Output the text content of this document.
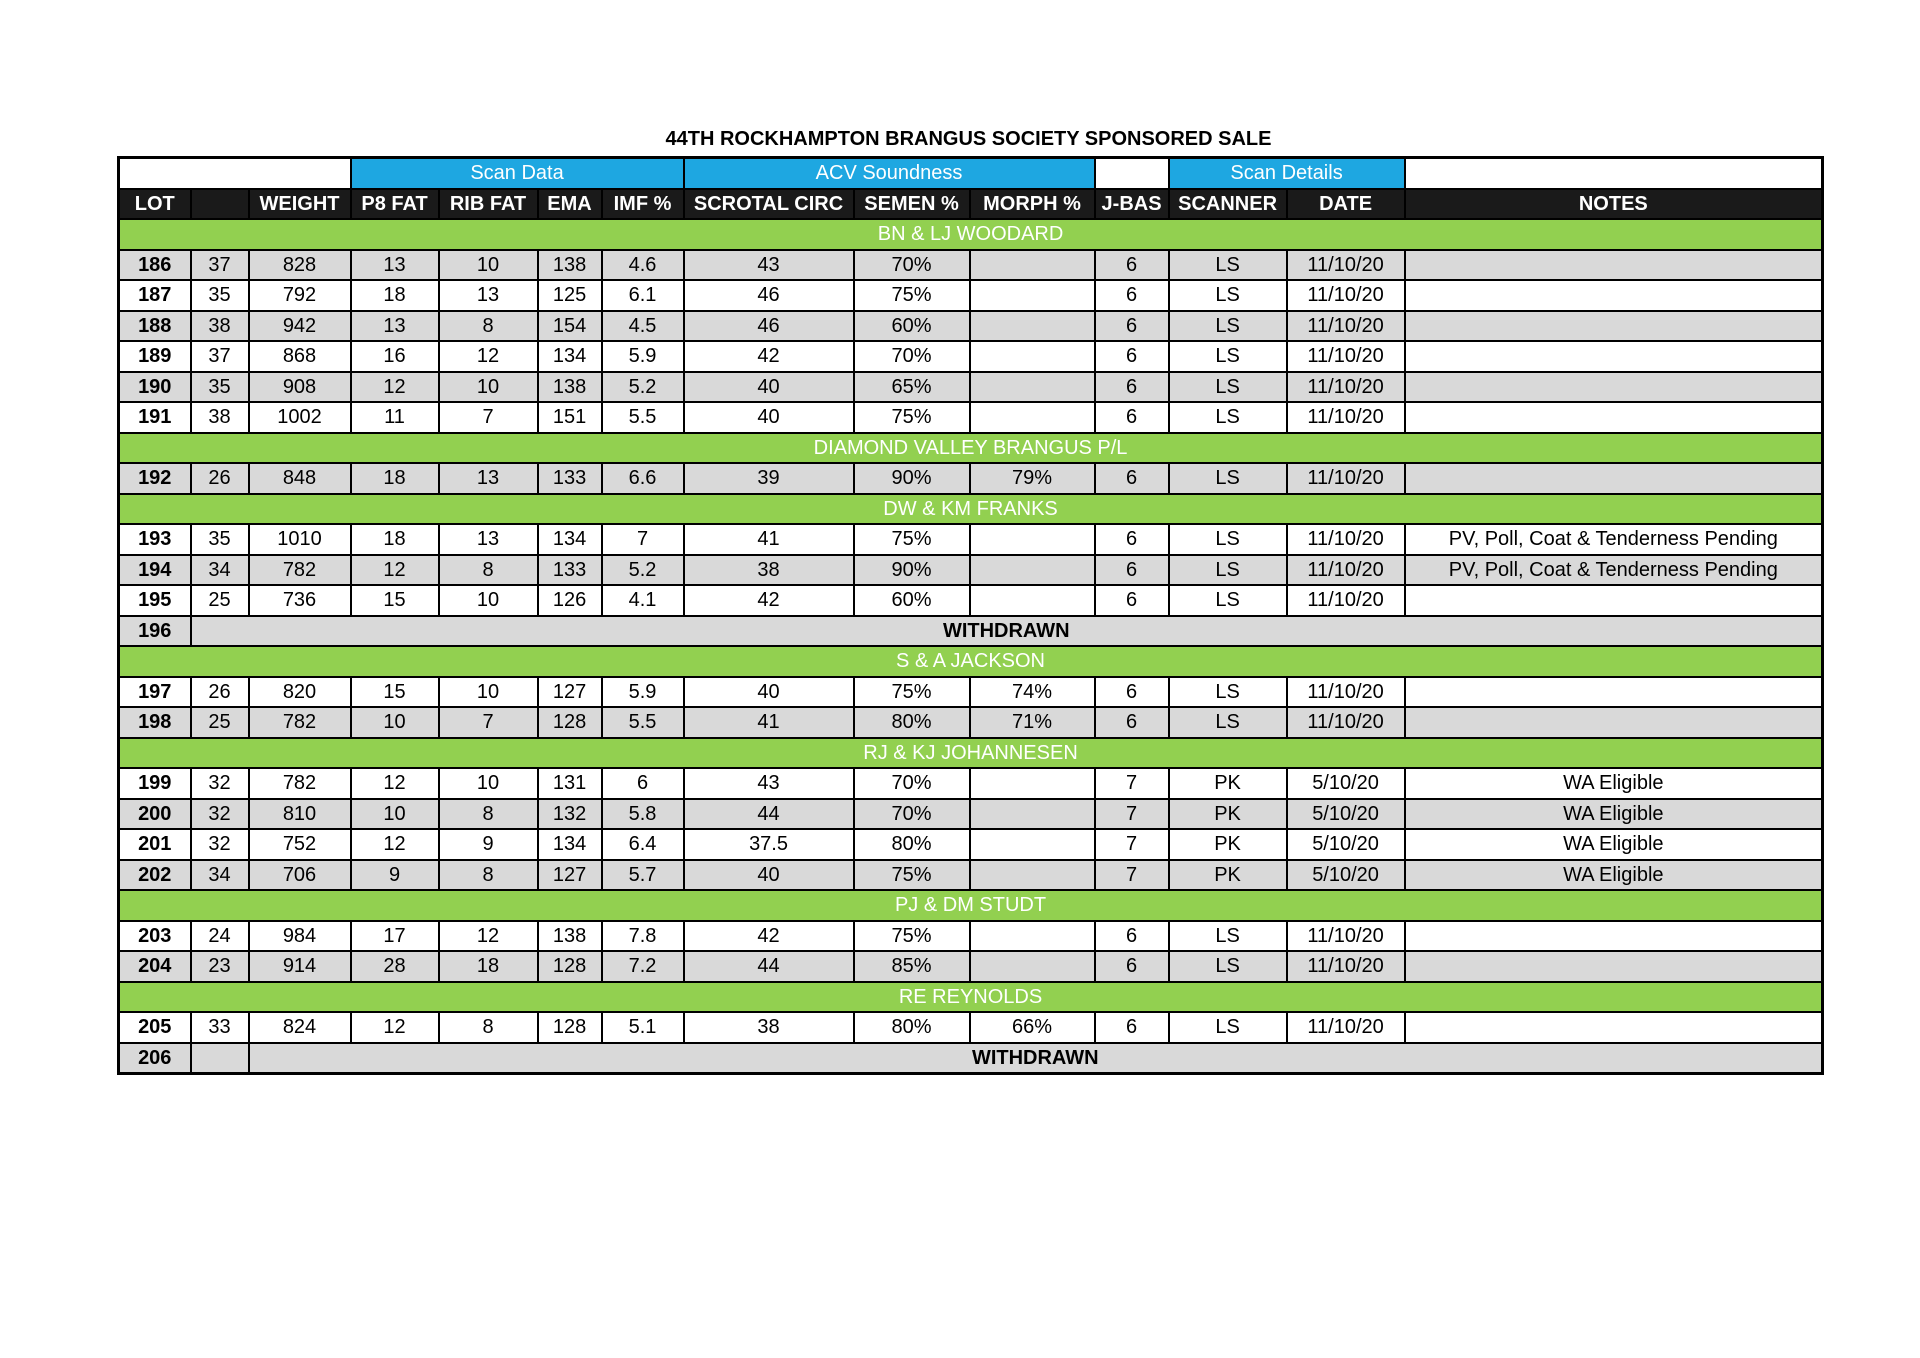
44TH ROCKHAMPTON BRANGUS SOCIETY SPONSORED SALE
			Scan Data				ACV Soundness				Scan Details		
LOT		WEIGHT	P8 FAT	RIB FAT	EMA	IMF %	SCROTAL CIRC	SEMEN %	MORPH %	J-BAS	SCANNER	DATE	NOTES
BN & LJ WOODARD													
186	37	828	13	10	138	4.6	43	70%		6	LS	11/10/20	
187	35	792	18	13	125	6.1	46	75%		6	LS	11/10/20	
188	38	942	13	8	154	4.5	46	60%		6	LS	11/10/20	
189	37	868	16	12	134	5.9	42	70%		6	LS	11/10/20	
190	35	908	12	10	138	5.2	40	65%		6	LS	11/10/20	
191	38	1002	11	7	151	5.5	40	75%		6	LS	11/10/20	
DIAMOND VALLEY BRANGUS P/L													
192	26	848	18	13	133	6.6	39	90%	79%	6	LS	11/10/20	
DW & KM FRANKS													
193	35	1010	18	13	134	7	41	75%		6	LS	11/10/20	PV, Poll, Coat & Tenderness Pending
194	34	782	12	8	133	5.2	38	90%		6	LS	11/10/20	PV, Poll, Coat & Tenderness Pending
195	25	736	15	10	126	4.1	42	60%		6	LS	11/10/20	
196	WITHDRAWN												
S & A JACKSON													
197	26	820	15	10	127	5.9	40	75%	74%	6	LS	11/10/20	
198	25	782	10	7	128	5.5	41	80%	71%	6	LS	11/10/20	
RJ & KJ JOHANNESEN													
199	32	782	12	10	131	6	43	70%		7	PK	5/10/20	WA Eligible
200	32	810	10	8	132	5.8	44	70%		7	PK	5/10/20	WA Eligible
201	32	752	12	9	134	6.4	37.5	80%		7	PK	5/10/20	WA Eligible
202	34	706	9	8	127	5.7	40	75%		7	PK	5/10/20	WA Eligible
PJ & DM STUDT													
203	24	984	17	12	138	7.8	42	75%		6	LS	11/10/20	
204	23	914	28	18	128	7.2	44	85%		6	LS	11/10/20	
RE REYNOLDS													
205	33	824	12	8	128	5.1	38	80%	66%	6	LS	11/10/20	
206		WITHDRAWN											
